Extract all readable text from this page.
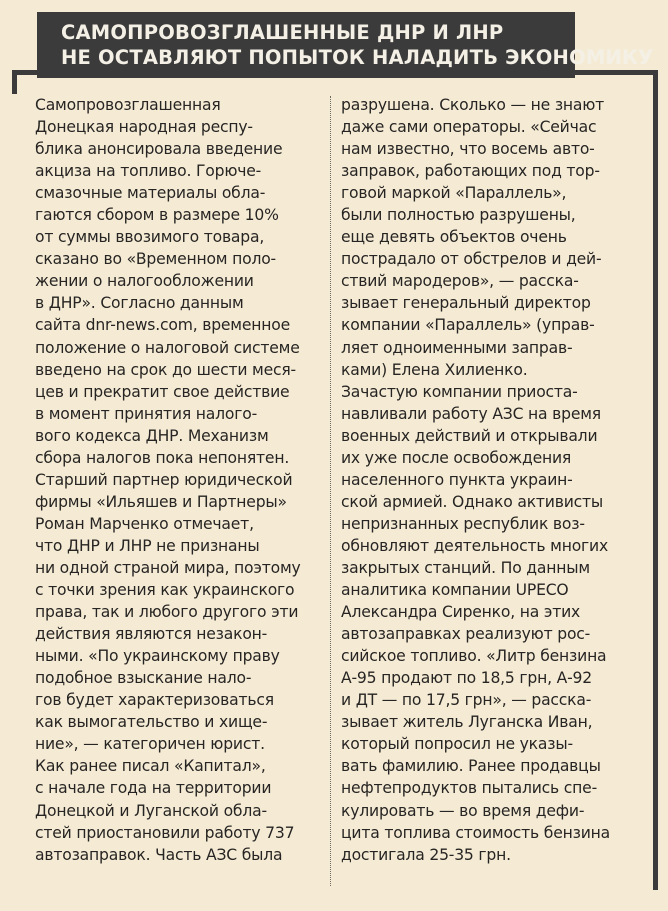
САМОПРОВОЗГЛАШЕННЫЕ ДНР И ЛНР
НЕ ОСТАВЛЯЮТ ПОПЫТОК НАЛАДИТЬ ЭКОНОМИКУ
Самопровозглашенная
Донецкая народная респу-
блика анонсировала введение
акциза на топливо. Горюче-
смазочные материалы обла-
гаются сбором в размере 10%
от суммы ввозимого товара,
сказано во «Временном поло-
жении о налогообложении
в ДНР». Согласно данным
сайта dnr-news.com, временное
положение о налоговой системе
введено на срок до шести меся-
цев и прекратит свое действие
в момент принятия налого-
вого кодекса ДНР. Механизм
сбора налогов пока непонятен.
Старший партнер юридической
фирмы «Ильяшев и Партнеры»
Роман Марченко отмечает,
что ДНР и ЛНР не признаны
ни одной страной мира, поэтому
с точки зрения как украинского
права, так и любого другого эти
действия являются незакон-
ными. «По украинскому праву
подобное взыскание нало-
гов будет характеризоваться
как вымогательство и хище-
ние», — категоричен юрист.
Как ранее писал «Капитал»,
с начале года на территории
Донецкой и Луганской обла-
стей приостановили работу 737
автозаправок. Часть АЗС была
разрушена. Сколько — не знают
даже сами операторы. «Сейчас
нам известно, что восемь авто-
заправок, работающих под тор-
говой маркой «Параллель»,
были полностью разрушены,
еще девять объектов очень
пострадало от обстрелов и дей-
ствий мародеров», — расска-
зывает генеральный директор
компании «Параллель» (управ-
ляет одноименными заправ-
ками) Елена Хилиенко.
Зачастую компании приоста-
навливали работу АЗС на время
военных действий и открывали
их уже после освобождения
населенного пункта украин-
ской армией. Однако активисты
непризнанных республик воз-
обновляют деятельность многих
закрытых станций. По данным
аналитика компании UPECO
Александра Сиренко, на этих
автозаправках реализуют рос-
сийское топливо. «Литр бензина
А-95 продают по 18,5 грн, А-92
и ДТ — по 17,5 грн», — расска-
зывает житель Луганска Иван,
который попросил не указы-
вать фамилию. Ранее продавцы
нефтепродуктов пытались спе-
кулировать — во время дефи-
цита топлива стоимость бензина
достигала 25-35 грн.
